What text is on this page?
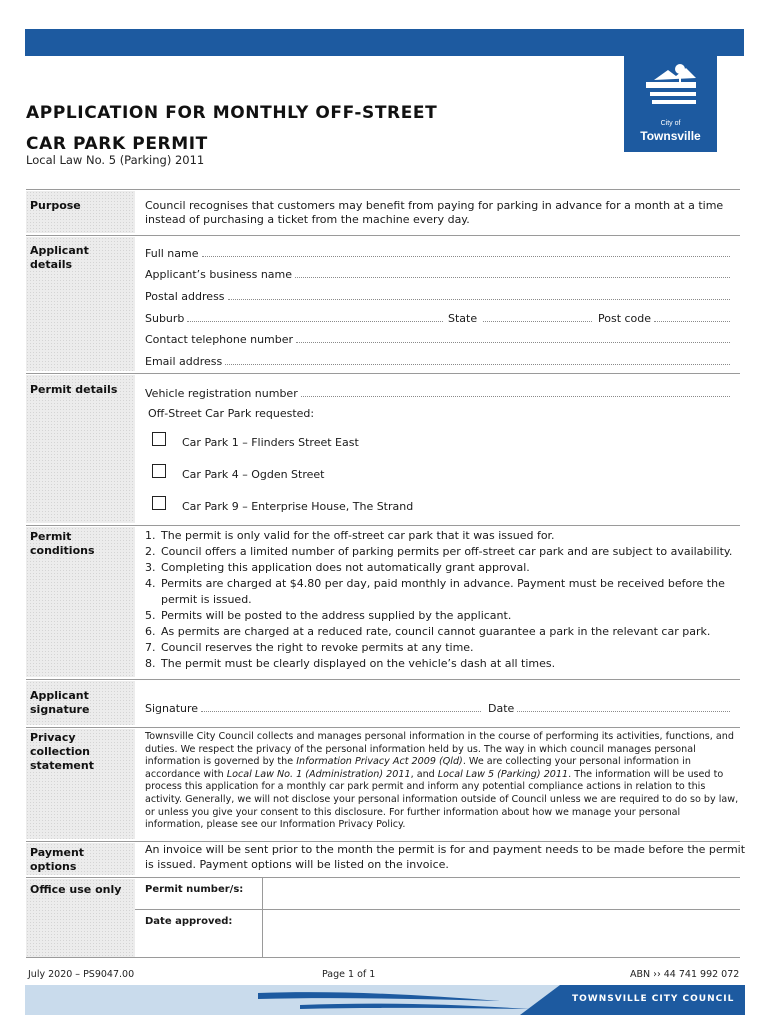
City of
Townsville
APPLICATION FOR MONTHLY OFF-STREET
CAR PARK PERMIT
Local Law No. 5 (Parking) 2011
Purpose	Council recognises that customers may benefit from paying for parking in advance for a month at a time
instead of purchasing a ticket from the machine every day.
Applicant details
Full name
Applicant’s business name
Postal address
Suburb	State	Post code
Contact telephone number
Email address
Permit details	Vehicle registration number
Off-Street Car Park requested:
Car Park 1 – Flinders Street East
Car Park 4 – Ogden Street
Car Park 9 – Enterprise House, The Strand
Permit conditions
1. The permit is only valid for the off-street car park that it was issued for.
2. Council offers a limited number of parking permits per off-street car park and are subject to availability.
3. Completing this application does not automatically grant approval.
4. Permits are charged at $4.80 per day, paid monthly in advance. Payment must be received before the
permit is issued.
5. Permits will be posted to the address supplied by the applicant.
6. As permits are charged at a reduced rate, council cannot guarantee a park in the relevant car park.
7. Council reserves the right to revoke permits at any time.
8. The permit must be clearly displayed on the vehicle’s dash at all times.
Applicant signature	Signature	Date
Privacy collection statement
Townsville City Council collects and manages personal information in the course of performing its activities, functions, and duties. We respect the privacy of the personal information held by us. The way in which council manages personal information is governed by the Information Privacy Act 2009 (Qld). We are collecting your personal information in accordance with Local Law No. 1 (Administration) 2011, and Local Law 5 (Parking) 2011. The information will be used to process this application for a monthly car park permit and inform any potential compliance actions in relation to this activity. Generally, we will not disclose your personal information outside of Council unless we are required to do so by law, or unless you give your consent to this disclosure. For further information about how we manage your personal information, please see our Information Privacy Policy.
Payment options
An invoice will be sent prior to the month the permit is for and payment needs to be made before the permit
is issued. Payment options will be listed on the invoice.
Office use only	Permit number/s:
Date approved:
July 2020 – PS9047.00	Page 1 of 1	ABN ›› 44 741 992 072
TOWNSVILLE CITY COUNCIL
